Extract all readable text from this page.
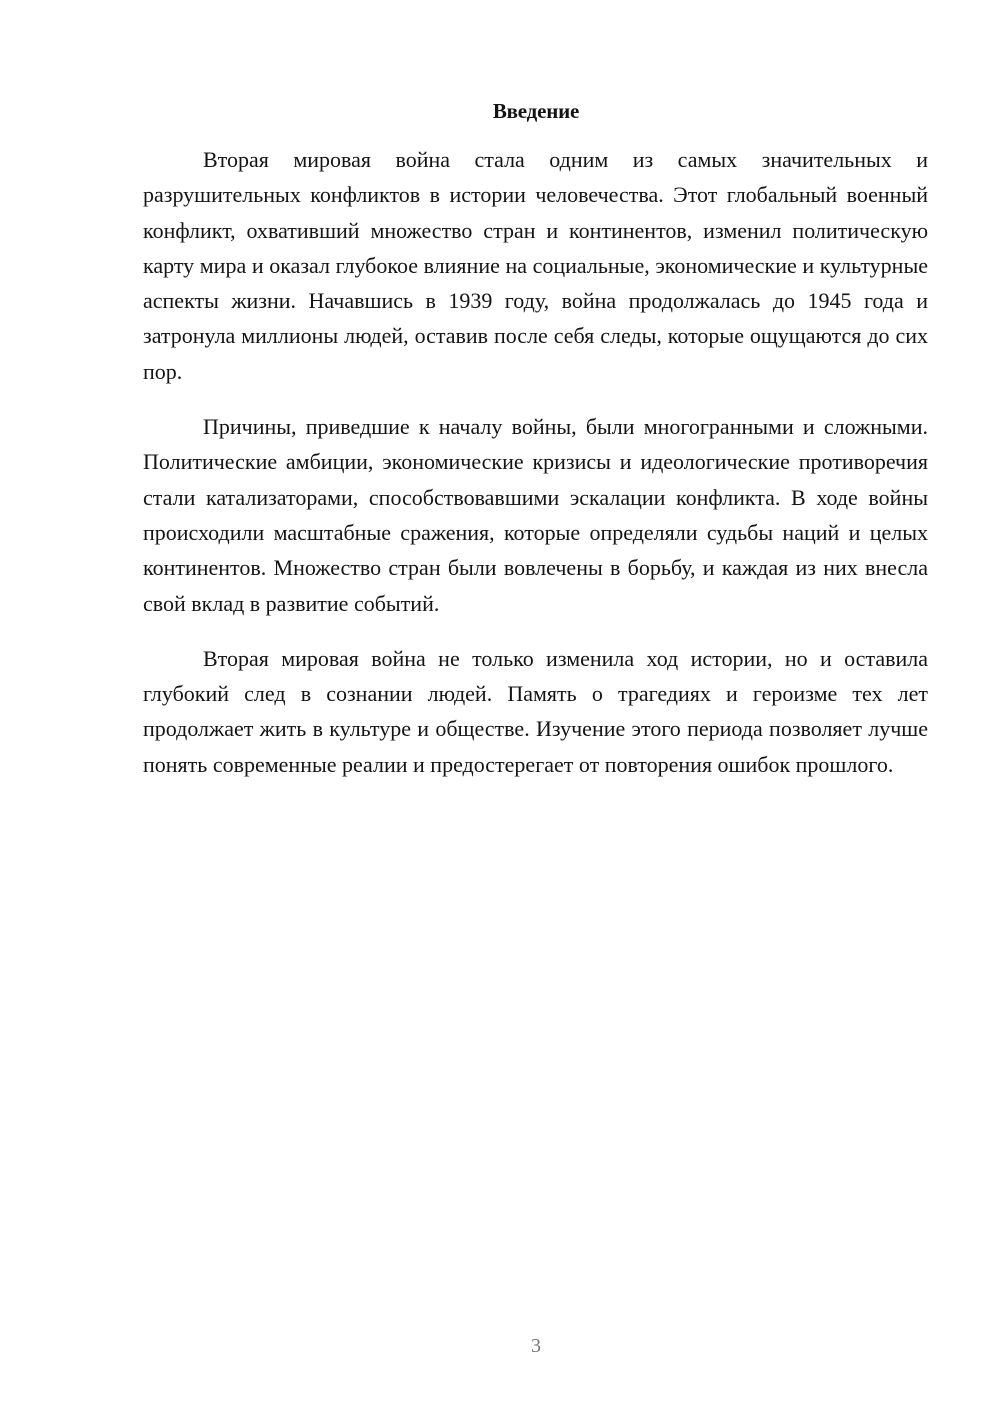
Введение

Вторая мировая война стала одним из самых значительных и разрушительных конфликтов в истории человечества. Этот глобальный военный конфликт, охвативший множество стран и континентов, изменил политическую карту мира и оказал глубокое влияние на социальные, экономические и культурные аспекты жизни. Начавшись в 1939 году, война продолжалась до 1945 года и затронула миллионы людей, оставив после себя следы, которые ощущаются до сих пор.

Причины, приведшие к началу войны, были многогранными и сложными. Политические амбиции, экономические кризисы и идеологические противоречия стали катализаторами, способствовавшими эскалации конфликта. В ходе войны происходили масштабные сражения, которые определяли судьбы наций и целых континентов. Множество стран были вовлечены в борьбу, и каждая из них внесла свой вклад в развитие событий.

Вторая мировая война не только изменила ход истории, но и оставила глубокий след в сознании людей. Память о трагедиях и героизме тех лет продолжает жить в культуре и обществе. Изучение этого периода позволяет лучше понять современные реалии и предостерегает от повторения ошибок прошлого.

3
